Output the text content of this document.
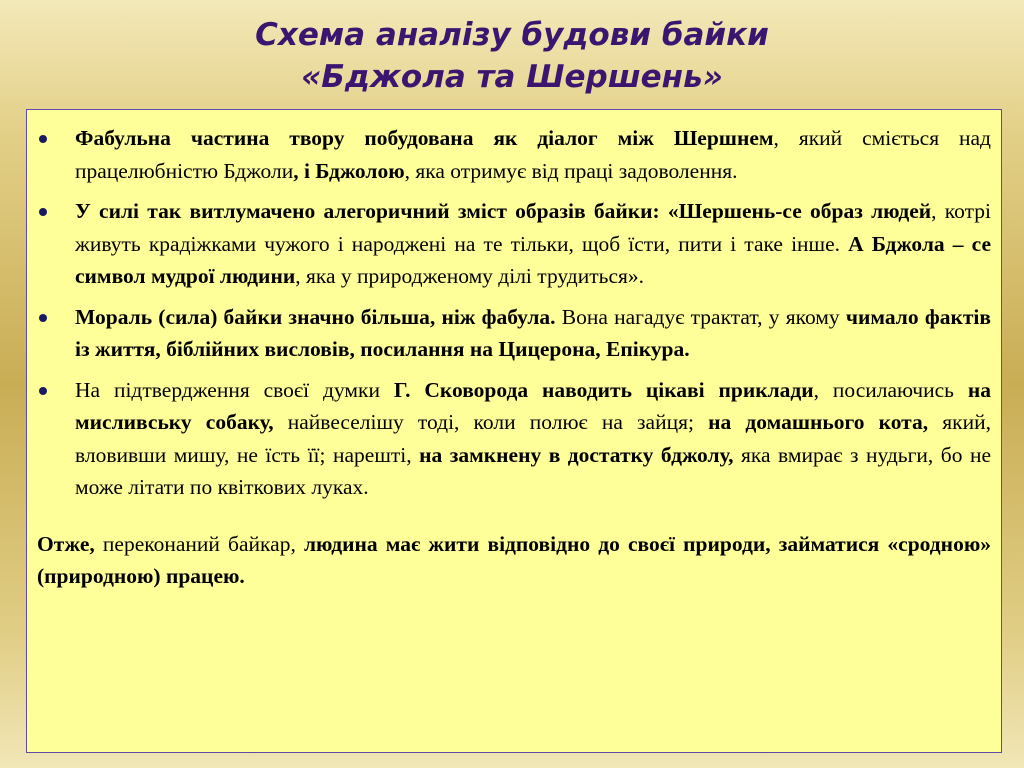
Схема аналізу будови байки
«Бджола та Шершень»
Фабульна частина твору побудована як діалог між Шершнем, який сміється над працелюбністю Бджоли, і Бджолою, яка отримує від праці задоволення.
У силі так витлумачено алегоричний зміст образів байки: «Шершень-се образ людей, котрі живуть крадіжками чужого і народжені на те тільки, щоб їсти, пити і таке інше. А Бджола – се символ мудрої людини, яка у природженому ділі трудиться».
Мораль (сила) байки значно більша, ніж фабула. Вона нагадує трактат, у якому чимало фактів із життя, біблійних висловів, посилання на Цицерона, Епікура.
На підтвердження своєї думки Г. Сковорода наводить цікаві приклади, посилаючись на мисливську собаку, найвеселішу тоді, коли полює на зайця; на домашнього кота, який, вловивши мишу, не їсть її; нарешті, на замкнену в достатку бджолу, яка вмирає з нудьги, бо не може літати по квіткових луках.
Отже, переконаний байкар, людина має жити відповідно до своєї природи, займатися «сродною» (природною) працею.
